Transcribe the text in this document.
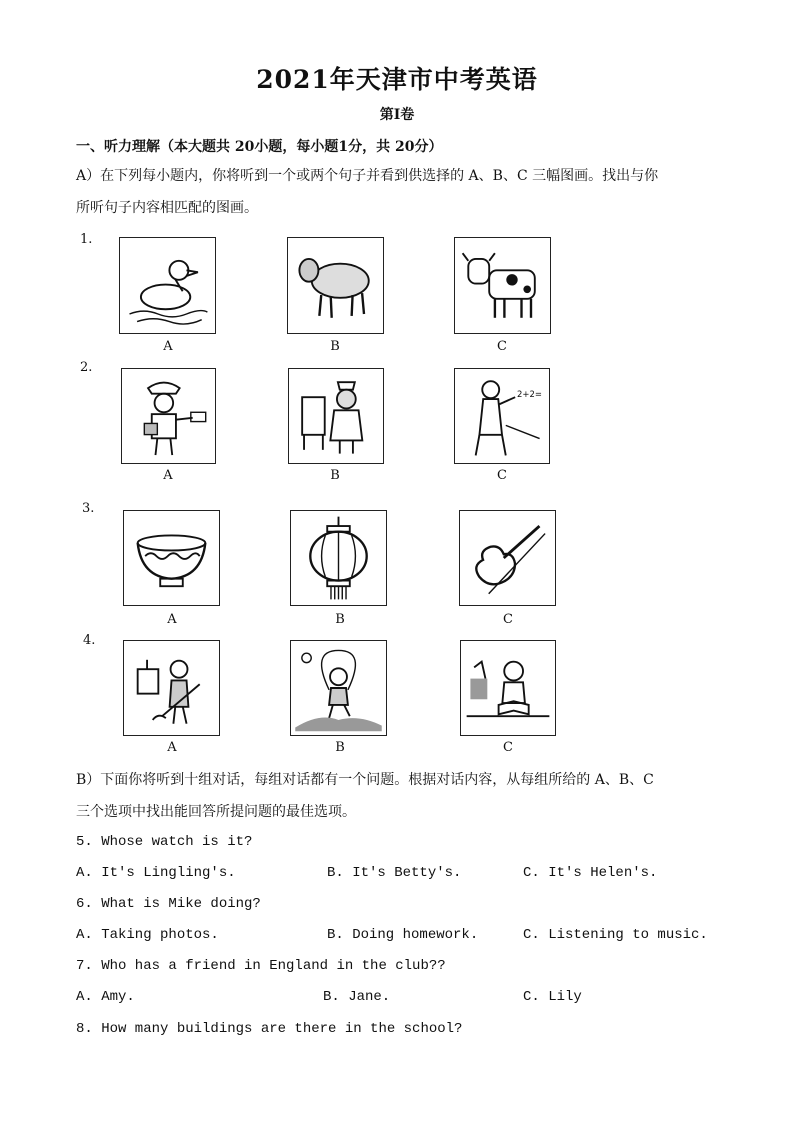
2021年天津市中考英语
第Ⅰ卷
一、听力理解（本大题共 20小题，每小题1分，共 20分）
A）在下列每小题内，你将听到一个或两个句子并看到供选择的 A、B、C 三幅图画。找出与你
所听句子内容相匹配的图画。
1.
A	B	C
2.
2+2=
A	B	C
3.
A	B	C
4.
A	B	C
B）下面你将听到十组对话，每组对话都有一个问题。根据对话内容，从每组所给的 A、B、C
三个选项中找出能回答所提问题的最佳选项。
5. Whose watch is it?
A. It's Lingling's.	B. It's Betty's.	C. It's Helen's.
6. What is Mike doing?
A. Taking photos.	B. Doing homework.	C. Listening to music.
7. Who has a friend in England in the club??
A. Amy.	B. Jane.	C. Lily
8. How many buildings are there in the school?
